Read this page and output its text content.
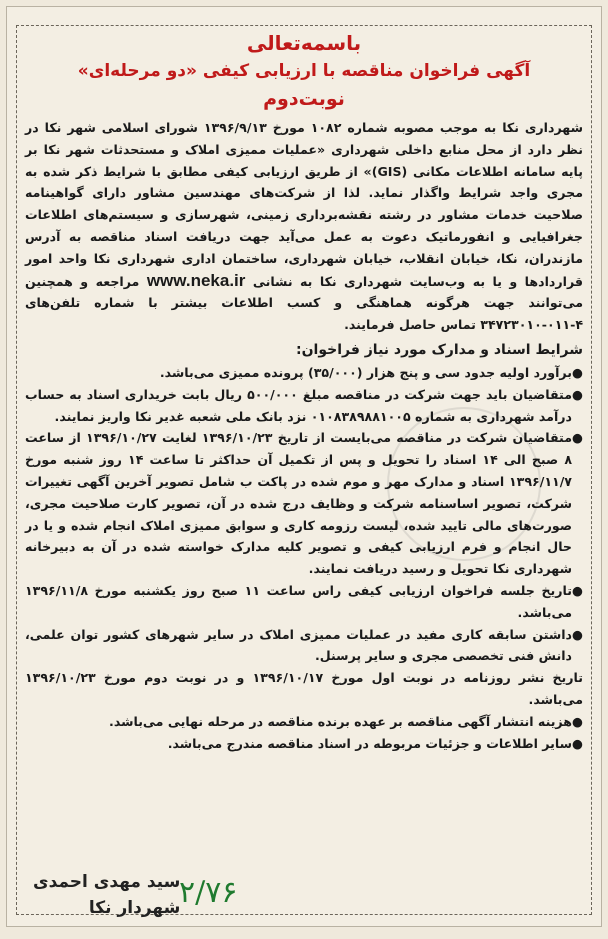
باسمه‌تعالی
آگهی فراخوان مناقصه با ارزیابی کیفی «دو مرحله‌ای»
نوبت‌دوم
شهرداری نکا به موجب مصوبه شماره ۱۰۸۲ مورخ ۱۳۹۶/۹/۱۳ شورای اسلامی شهر نکا در نظر دارد از محل منابع داخلی شهرداری «عملیات ممیزی املاک و مستحدثات شهر نکا بر پایه سامانه اطلاعات مکانی (GIS)» از طریق ارزیابی کیفی مطابق با شرایط ذکر شده به مجری واجد شرایط واگذار نماید. لذا از شرکت‌های مهندسین مشاور دارای گواهینامه صلاحیت خدمات مشاور در رشته نقشه‌برداری زمینی، شهرسازی و سیستم‌های اطلاعات جغرافیایی و انفورماتیک دعوت به عمل می‌آید جهت دریافت اسناد مناقصه به آدرس مازندران، نکا، خیابان انقلاب، خیابان شهرداری، ساختمان اداری شهرداری نکا واحد امور قراردادها و یا به وب‌سایت شهرداری نکا به نشانی www.neka.ir مراجعه و همچنین می‌توانند جهت هرگونه هماهنگی و کسب اطلاعات بیشتر با شماره تلفن‌های ۴-۰۱۱-۳۴۷۲۳۰۱۰ تماس حاصل فرمایند.
شرایط اسناد و مدارک مورد نیاز فراخوان:
●
برآورد اولیه جدود سی و پنج هزار (۳۵/۰۰۰) پرونده ممیزی می‌باشد.
●
متقاضیان باید جهت شرکت در مناقصه مبلغ ۵۰۰/۰۰۰ ریال بابت خریداری اسناد به حساب درآمد شهرداری به شماره ۰۱۰۸۳۸۹۸۸۱۰۰۵ نزد بانک ملی شعبه غدیر نکا واریز نمایند.
●
متقاضیان شرکت در مناقصه می‌بایست از تاریخ ۱۳۹۶/۱۰/۲۳ لغایت ۱۳۹۶/۱۰/۲۷ از ساعت ۸ صبح الی ۱۴ اسناد را تحویل و پس از تکمیل آن حداکثر تا ساعت ۱۴ روز شنبه مورخ ۱۳۹۶/۱۱/۷ اسناد و مدارک مهر و موم شده در پاکت ب شامل تصویر آخرین آگهی تغییرات شرکت، تصویر اساسنامه شرکت و وظایف درج شده در آن، تصویر کارت صلاحیت مجری، صورت‌های مالی تایید شده، لیست رزومه کاری و سوابق ممیزی املاک انجام شده و یا در حال انجام و فرم ارزیابی کیفی و تصویر کلیه مدارک خواسته شده در آن به دبیرخانه شهرداری نکا تحویل و رسید دریافت نمایند.
●
تاریخ جلسه فراخوان ارزیابی کیفی راس ساعت ۱۱ صبح روز یکشنبه مورخ ۱۳۹۶/۱۱/۸ می‌باشد.
●
داشتن سابقه کاری مفید در عملیات ممیزی املاک در سایر شهرهای کشور توان علمی، دانش فنی تخصصی مجری و سایر پرسنل.

تاریخ نشر روزنامه در نوبت اول مورخ ۱۳۹۶/۱۰/۱۷ و در نوبت دوم مورخ ۱۳۹۶/۱۰/۲۳ می‌باشد.

●
هزینه انتشار آگهی مناقصه بر عهده برنده مناقصه در مرحله نهایی می‌باشد.
●
سایر اطلاعات و جزئیات مربوطه در اسناد مناقصه مندرج می‌باشد.
سید مهدی احمدی
شهردار نکا
۲/۷۶
